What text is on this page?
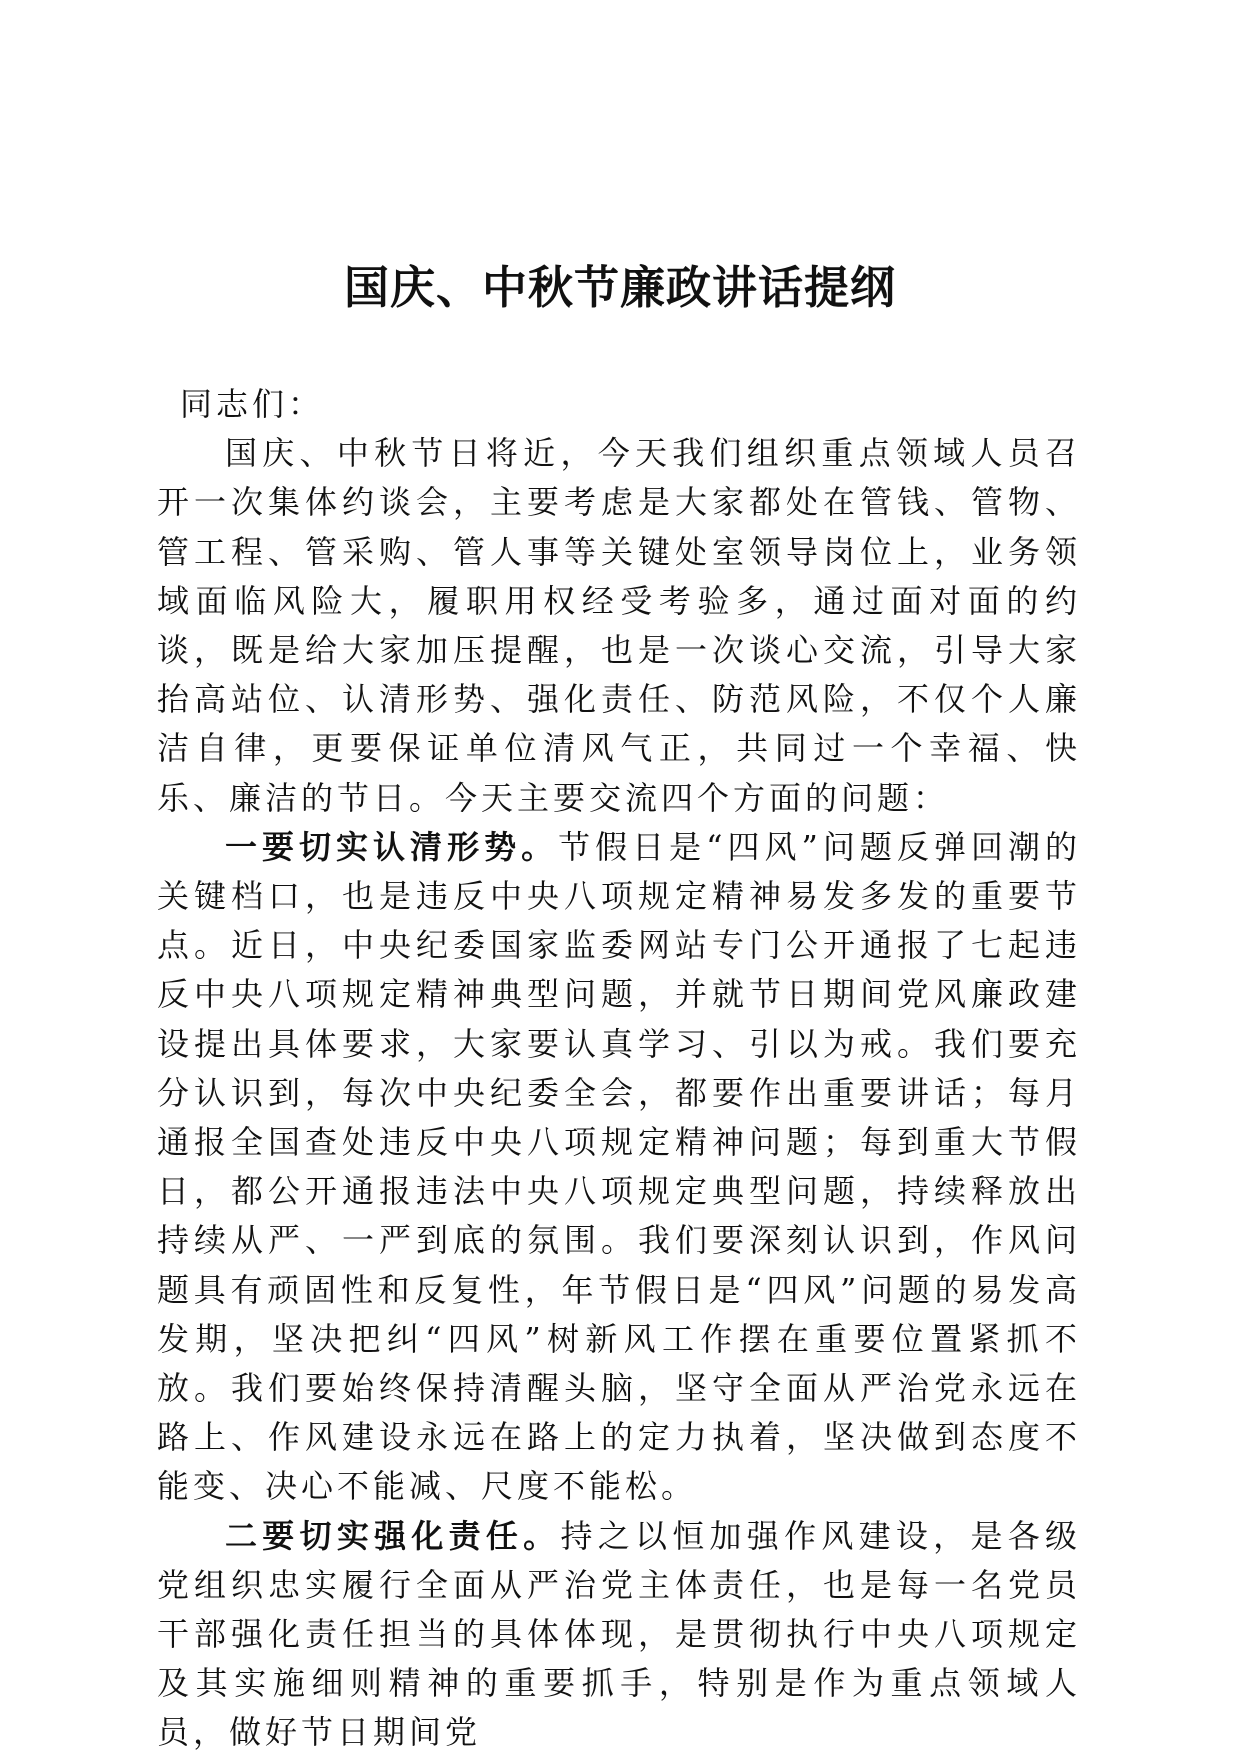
国庆、中秋节廉政讲话提纲

同志们：

国庆、中秋节日将近，今天我们组织重点领域人员召开一次集体约谈会，主要考虑是大家都处在管钱、管物、管工程、管采购、管人事等关键处室领导岗位上，业务领域面临风险大，履职用权经受考验多，通过面对面的约谈，既是给大家加压提醒，也是一次谈心交流，引导大家抬高站位、认清形势、强化责任、防范风险，不仅个人廉洁自律，更要保证单位清风气正，共同过一个幸福、快乐、廉洁的节日。今天主要交流四个方面的问题：

一要切实认清形势。节假日是“四风”问题反弹回潮的关键档口，也是违反中央八项规定精神易发多发的重要节点。近日，中央纪委国家监委网站专门公开通报了七起违反中央八项规定精神典型问题，并就节日期间党风廉政建设提出具体要求，大家要认真学习、引以为戒。我们要充分认识到，每次中央纪委全会，都要作出重要讲话；每月通报全国查处违反中央八项规定精神问题；每到重大节假日，都公开通报违法中央八项规定典型问题，持续释放出持续从严、一严到底的氛围。我们要深刻认识到，作风问题具有顽固性和反复性，年节假日是“四风”问题的易发高发期，坚决把纠“四风”树新风工作摆在重要位置紧抓不放。我们要始终保持清醒头脑，坚守全面从严治党永远在路上、作风建设永远在路上的定力执着，坚决做到态度不能变、决心不能减、尺度不能松。

二要切实强化责任。持之以恒加强作风建设，是各级党组织忠实履行全面从严治党主体责任，也是每一名党员干部强化责任担当的具体体现，是贯彻执行中央八项规定及其实施细则精神的重要抓手，特别是作为重点领域人员，做好节日期间党
